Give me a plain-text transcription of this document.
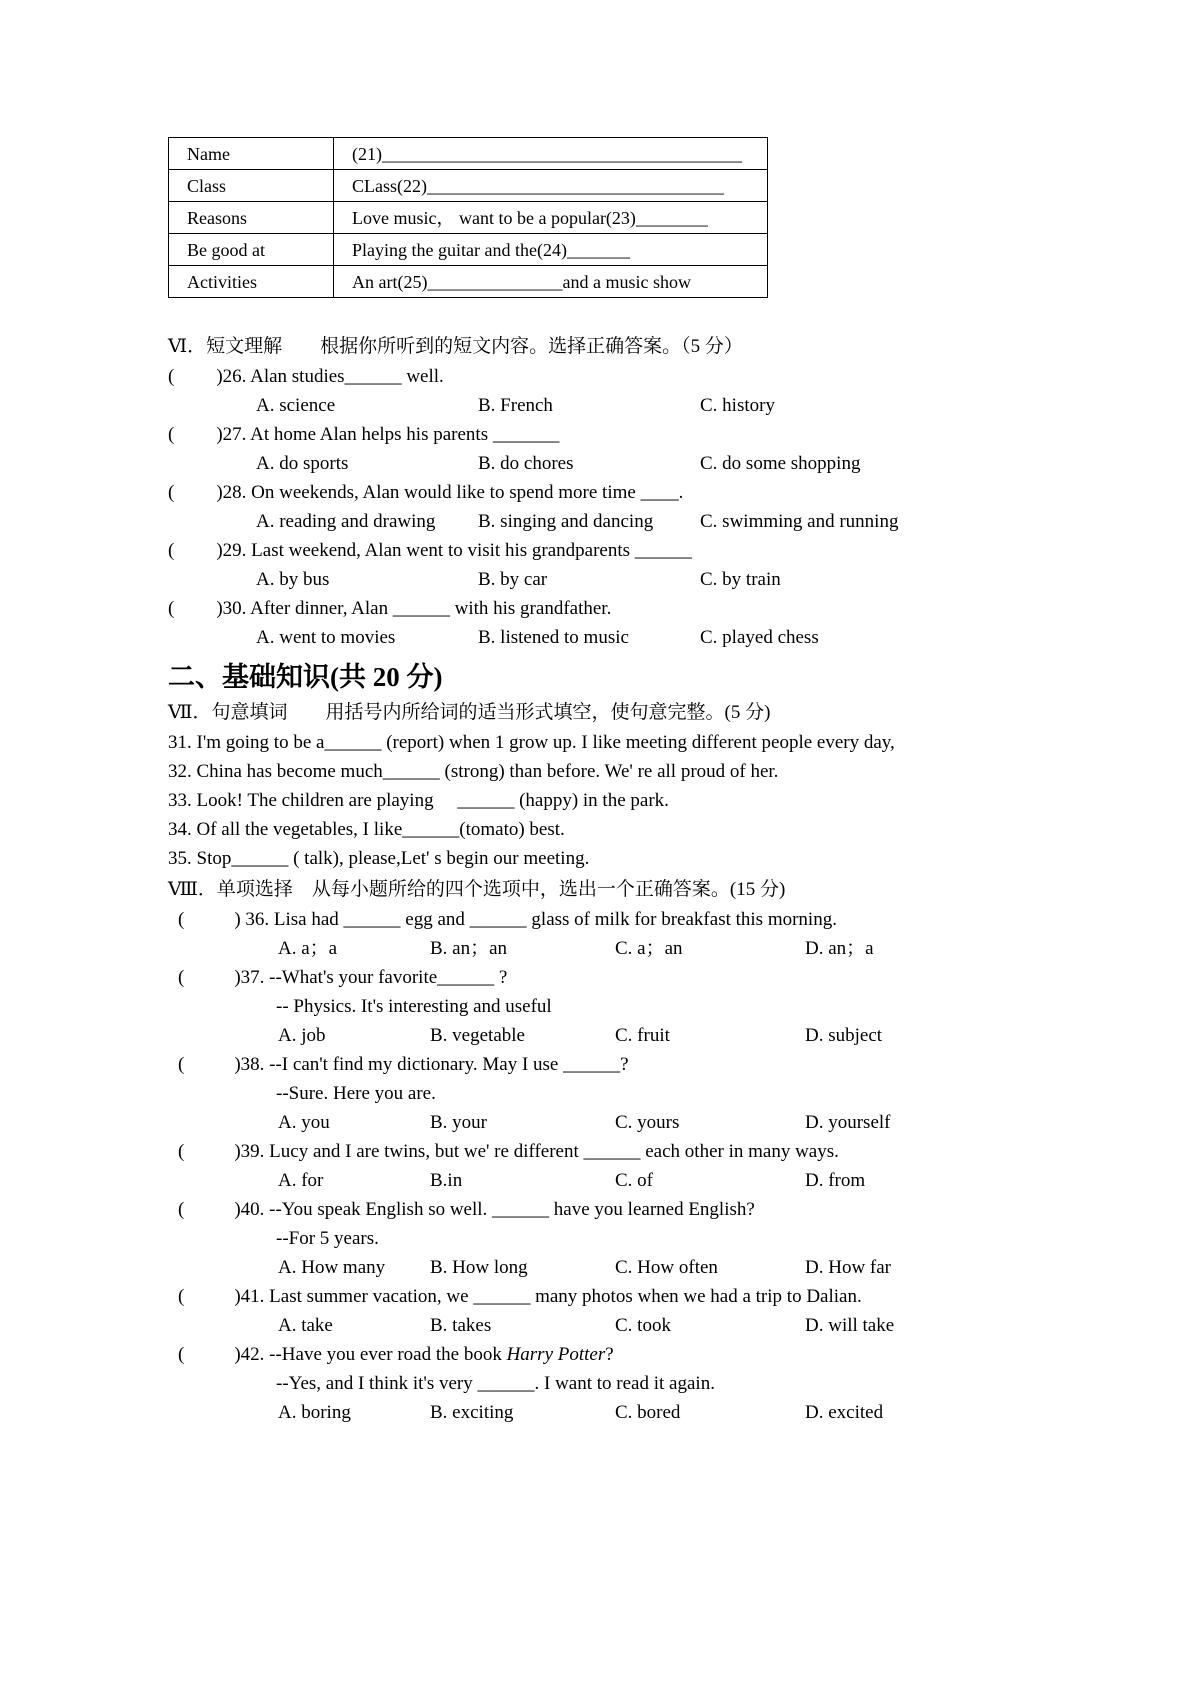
Name	(21)________________________________________
Class	CLass(22)_________________________________
Reasons	Love music， want to be a popular(23)________
Be good at	Playing the guitar and the(24)_______
Activities	An art(25)_______________and a music show
Ⅵ．短文理解　　根据你所听到的短文内容。选择正确答案。（5 分）
( )26. Alan studies______ well.
A. science	B. French	C. history
( )27. At home Alan helps his parents _______
A. do sports	B. do chores	C. do some shopping
( )28. On weekends, Alan would like to spend more time ____.
A. reading and drawing	B. singing and dancing	C. swimming and running
( )29. Last weekend, Alan went to visit his grandparents ______
A. by bus	B. by car	C. by train
( )30. After dinner, Alan ______ with his grandfather.
A. went to movies	B. listened to music	C. played chess
二、基础知识(共 20 分)
Ⅶ．句意填词　　用括号内所给词的适当形式填空，使句意完整。(5 分)
31. I'm going to be a______ (report) when 1 grow up. I like meeting different people every day,
32. China has become much______ (strong) than before. We' re all proud of her.
33. Look! The children are playing　 ______ (happy) in the park.
34. Of all the vegetables, I like______(tomato) best.
35. Stop______ ( talk), please,Let' s begin our meeting.
Ⅷ．单项选择　从每小题所给的四个选项中，选出一个正确答案。(15 分)
(	) 36. Lisa had ______ egg and ______ glass of milk for breakfast this morning.
A. a；a	B. an；an	C. a；an	D. an；a
(	)37. --What's your favorite______ ?
-- Physics. It's interesting and useful
A. job	B. vegetable	C. fruit	D. subject
(	)38. --I can't find my dictionary. May I use ______?
--Sure. Here you are.
A. you	B. your	C. yours	D. yourself
(	)39. Lucy and I are twins, but we' re different ______ each other in many ways.
A. for	B.in	C. of	D. from
(	)40. --You speak English so well. ______ have you learned English?
--For 5 years.
A. How many	B. How long	C. How often	D. How far
(	)41. Last summer vacation, we ______ many photos when we had a trip to Dalian.
A. take	B. takes	C. took	D. will take
(	)42. --Have you ever road the book Harry Potter?
--Yes, and I think it's very ______. I want to read it again.
A. boring	B. exciting	C. bored	D. excited
